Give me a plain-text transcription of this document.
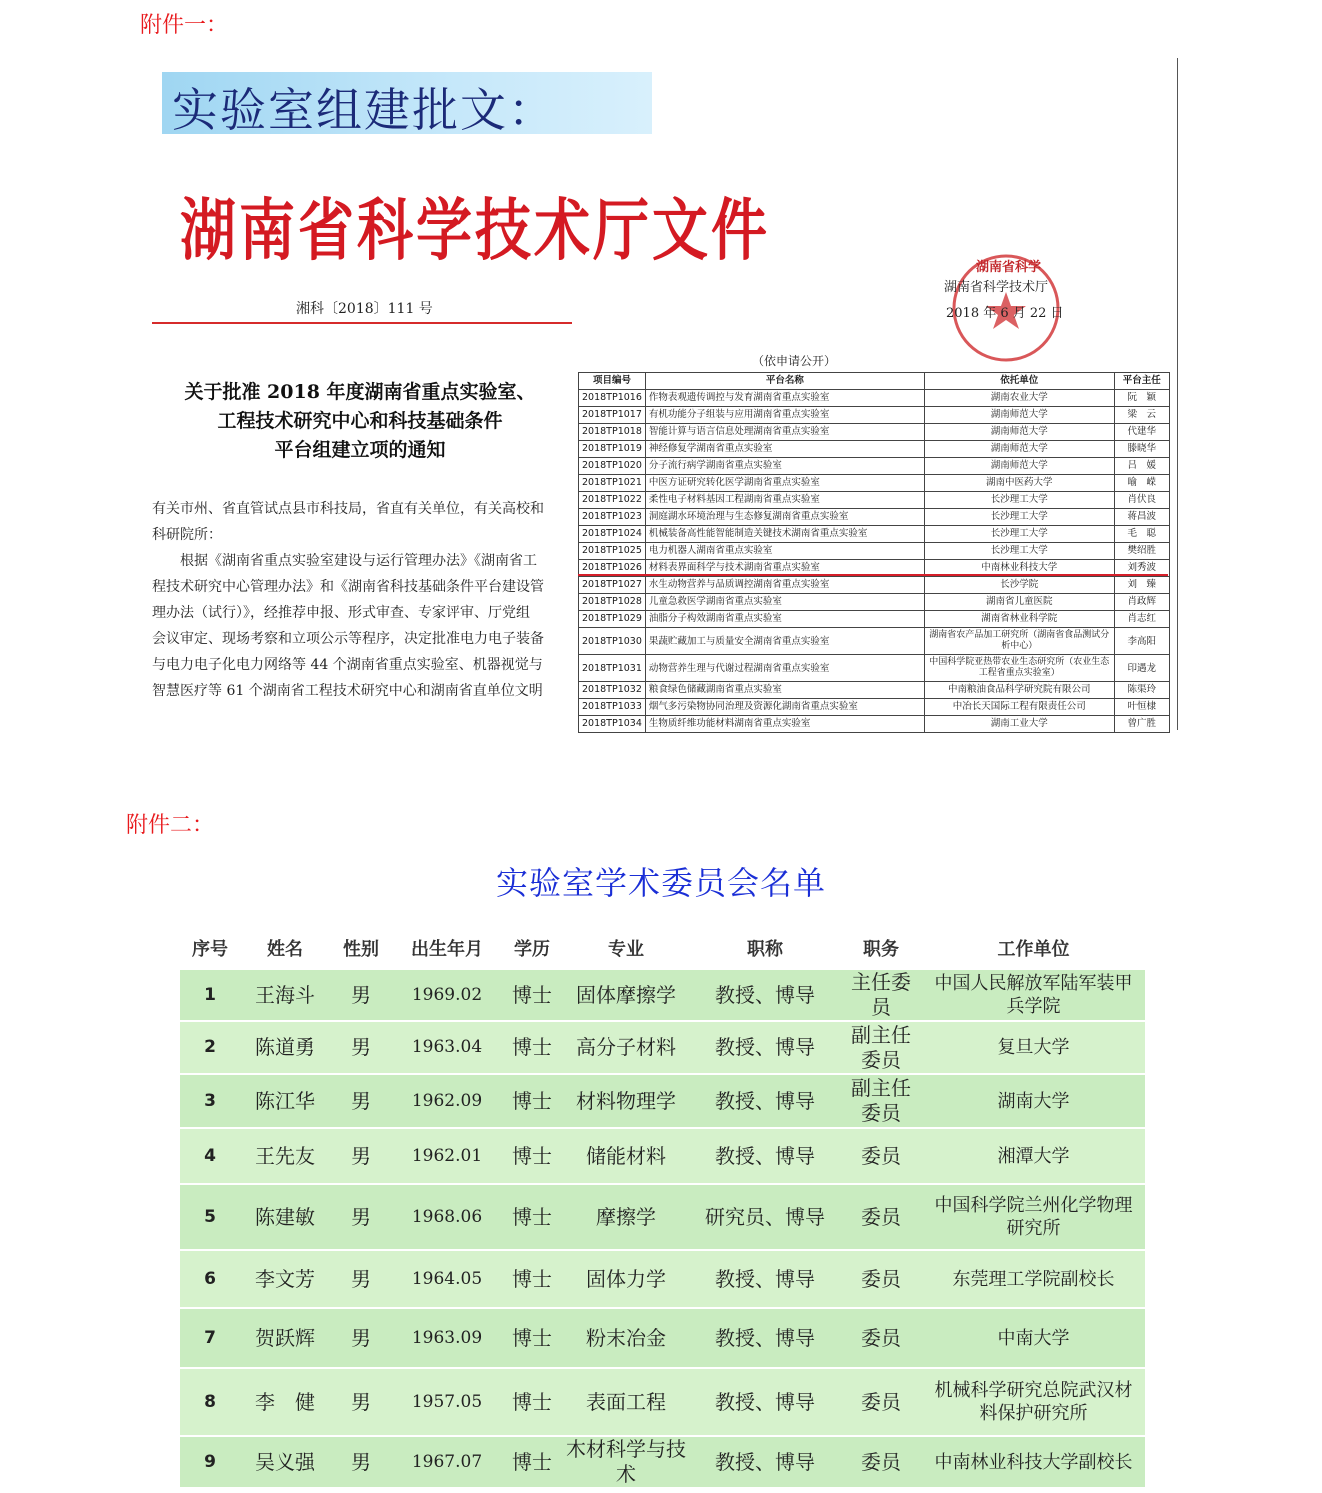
附件一：
实验室组建批文：
湖南省科学技术厅文件
湘科〔2018〕111 号
关于批准 2018 年度湖南省重点实验室、
工程技术研究中心和科技基础条件
平台组建立项的通知

有关市州、省直管试点县市科技局，省直有关单位，有关高校和

科研院所：

　　根据《湖南省重点实验室建设与运行管理办法》《湖南省工

程技术研究中心管理办法》和《湖南省科技基础条件平台建设管

理办法（试行）》，经推荐申报、形式审查、专家评审、厅党组

会议审定、现场考察和立项公示等程序，决定批准电力电子装备

与电力电子化电力网络等 44 个湖南省重点实验室、机器视觉与

智慧医疗等 61 个湖南省工程技术研究中心和湖南省直单位文明

湖南省科学
湖南省科学技术厅
2018 年 6 月 22 日
（依申请公开）
项目编号	平台名称	依托单位	平台主任
2018TP1016	作物表观遗传调控与发育湖南省重点实验室	湖南农业大学	阮　颖
2018TP1017	有机功能分子组装与应用湖南省重点实验室	湖南师范大学	梁　云
2018TP1018	智能计算与语言信息处理湖南省重点实验室	湖南师范大学	代建华
2018TP1019	神经修复学湖南省重点实验室	湖南师范大学	滕晓华
2018TP1020	分子流行病学湖南省重点实验室	湖南师范大学	吕　媛
2018TP1021	中医方证研究转化医学湖南省重点实验室	湖南中医药大学	喻　嵘
2018TP1022	柔性电子材料基因工程湖南省重点实验室	长沙理工大学	肖伏良
2018TP1023	洞庭湖水环境治理与生态修复湖南省重点实验室	长沙理工大学	蒋昌波
2018TP1024	机械装备高性能智能制造关键技术湖南省重点实验室	长沙理工大学	毛　聪
2018TP1025	电力机器人湖南省重点实验室	长沙理工大学	樊绍胜
2018TP1026	材料表界面科学与技术湖南省重点实验室	中南林业科技大学	刘秀波
2018TP1027	水生动物营养与品质调控湖南省重点实验室	长沙学院	刘　臻
2018TP1028	儿童急救医学湖南省重点实验室	湖南省儿童医院	肖政辉
2018TP1029	油脂分子构效湖南省重点实验室	湖南省林业科学院	肖志红
2018TP1030	果蔬贮藏加工与质量安全湖南省重点实验室	湖南省农产品加工研究所（湖南省食品测试分析中心）	李高阳
2018TP1031	动物营养生理与代谢过程湖南省重点实验室	中国科学院亚热带农业生态研究所（农业生态工程省重点实验室）	印遇龙
2018TP1032	粮食绿色储藏湖南省重点实验室	中南粮油食品科学研究院有限公司	陈渠玲
2018TP1033	烟气多污染物协同治理及资源化湖南省重点实验室	中冶长天国际工程有限责任公司	叶恒棣
2018TP1034	生物质纤维功能材料湖南省重点实验室	湖南工业大学	曾广胜
附件二：
实验室学术委员会名单
序号	姓名	性别	出生年月	学历	专业	职称	职务	工作单位
1	王海斗	男	1969.02	博士	固体摩擦学	教授、博导	主任委员	中国人民解放军陆军装甲兵学院
2	陈道勇	男	1963.04	博士	高分子材料	教授、博导	副主任委员	复旦大学
3	陈江华	男	1962.09	博士	材料物理学	教授、博导	副主任委员	湖南大学
4	王先友	男	1962.01	博士	储能材料	教授、博导	委员	湘潭大学
5	陈建敏	男	1968.06	博士	摩擦学	研究员、博导	委员	中国科学院兰州化学物理研究所
6	李文芳	男	1964.05	博士	固体力学	教授、博导	委员	东莞理工学院副校长
7	贺跃辉	男	1963.09	博士	粉末冶金	教授、博导	委员	中南大学
8	李　健	男	1957.05	博士	表面工程	教授、博导	委员	机械科学研究总院武汉材料保护研究所
9	吴义强	男	1967.07	博士	木材科学与技术	教授、博导	委员	中南林业科技大学副校长
